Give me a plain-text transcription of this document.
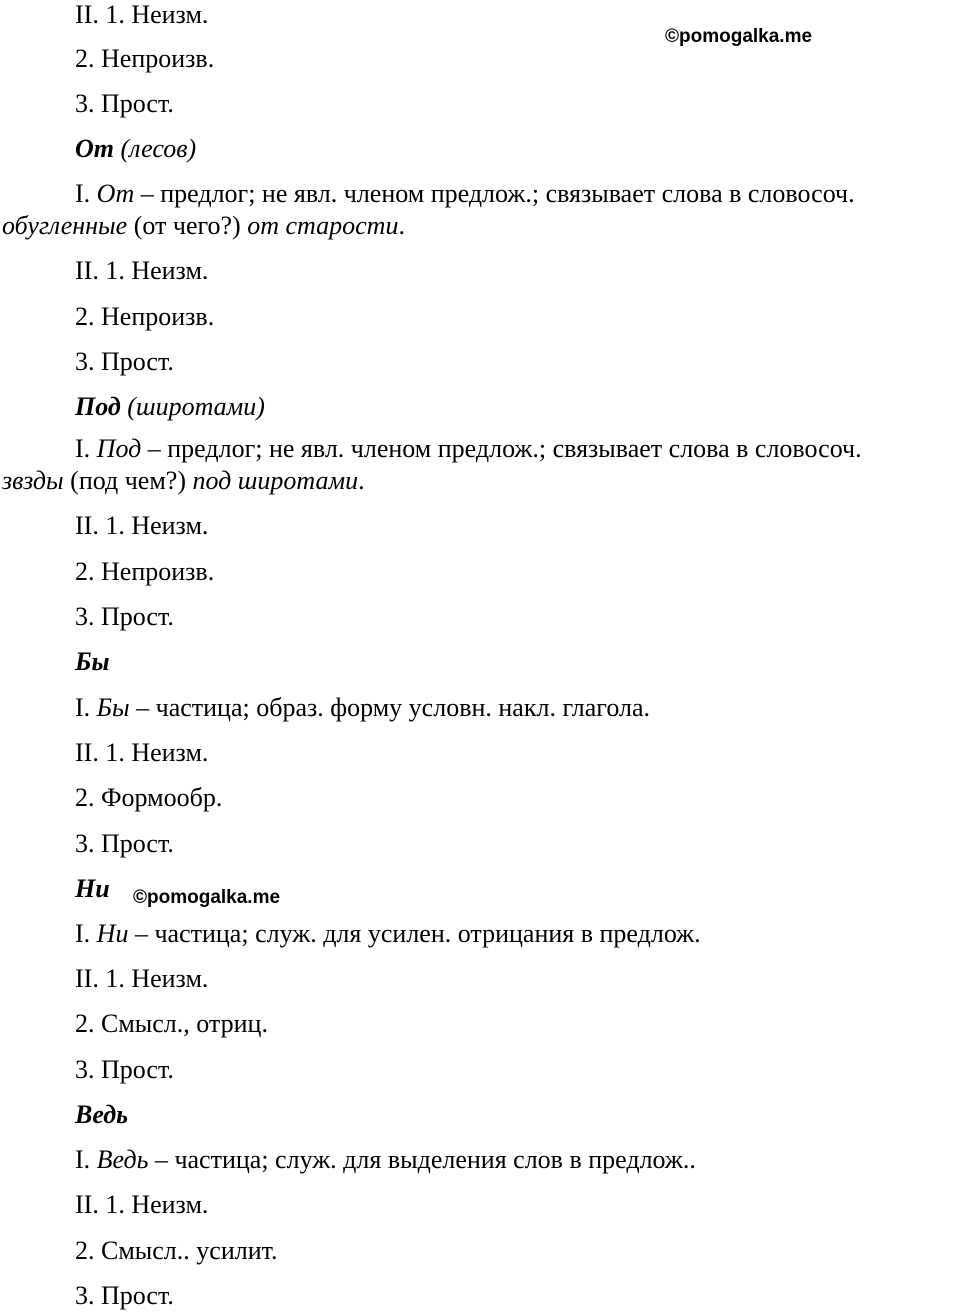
II. 1. Неизм.
©pomogalka.me
2. Непроизв.
3. Прост.
От (лесов)
I. От – предлог; не явл. членом предлож.; связывает слова в словосоч.
обугленные (от чего?) от старости.
II. 1. Неизм.
2. Непроизв.
3. Прост.
Под (широтами)
I. Под – предлог; не явл. членом предлож.; связывает слова в словосоч.
звзды (под чем?) под широтами.
II. 1. Неизм.
2. Непроизв.
3. Прост.
Бы
I. Бы – частица; образ. форму условн. накл. глагола.
II. 1. Неизм.
2. Формообр.
3. Прост.
Ни ©pomogalka.me
I. Ни – частица; служ. для усилен. отрицания в предлож.
II. 1. Неизм.
2. Смысл., отриц.
3. Прост.
Ведь
I. Ведь – частица; служ. для выделения слов в предлож..
II. 1. Неизм.
2. Смысл.. усилит.
3. Прост.
